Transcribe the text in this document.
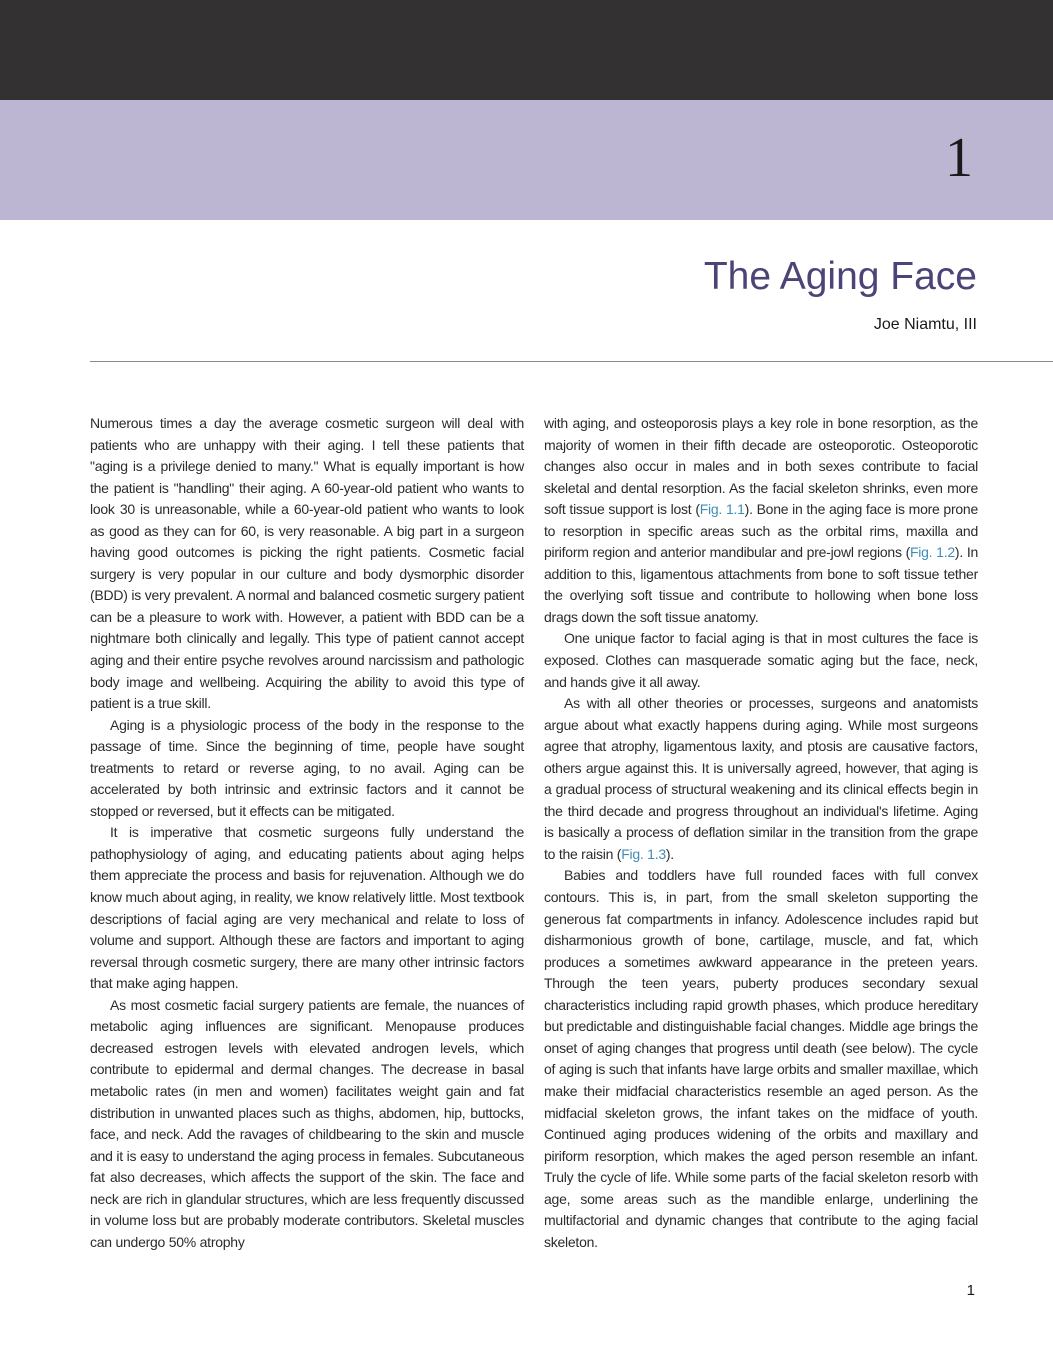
1
The Aging Face
Joe Niamtu, III

Numerous times a day the average cosmetic surgeon will deal with patients who are unhappy with their aging. I tell these patients that "aging is a privilege denied to many." What is equally important is how the patient is "handling" their aging. A 60-year-old patient who wants to look 30 is unreasonable, while a 60-year-old patient who wants to look as good as they can for 60, is very reasonable. A big part in a surgeon having good outcomes is picking the right patients. Cosmetic facial surgery is very popular in our culture and body dysmorphic disorder (BDD) is very prevalent. A normal and balanced cosmetic surgery patient can be a pleasure to work with. However, a patient with BDD can be a nightmare both clinically and legally. This type of patient cannot accept aging and their entire psyche revolves around narcissism and pathologic body image and wellbeing. Acquiring the ability to avoid this type of patient is a true skill.

Aging is a physiologic process of the body in the response to the passage of time. Since the beginning of time, people have sought treatments to retard or reverse aging, to no avail. Aging can be accelerated by both intrinsic and extrinsic factors and it cannot be stopped or reversed, but it effects can be mitigated.

It is imperative that cosmetic surgeons fully understand the pathophysiology of aging, and educating patients about aging helps them appreciate the process and basis for rejuvenation. Although we do know much about aging, in reality, we know relatively little. Most textbook descriptions of facial aging are very mechanical and relate to loss of volume and support. Although these are factors and important to aging reversal through cosmetic surgery, there are many other intrinsic factors that make aging happen.

As most cosmetic facial surgery patients are female, the nuances of metabolic aging influences are significant. Menopause produces decreased estrogen levels with elevated androgen levels, which contribute to epidermal and dermal changes. The decrease in basal metabolic rates (in men and women) facilitates weight gain and fat distribution in unwanted places such as thighs, abdomen, hip, buttocks, face, and neck. Add the ravages of childbearing to the skin and muscle and it is easy to understand the aging process in females. Subcutaneous fat also decreases, which affects the support of the skin. The face and neck are rich in glandular structures, which are less frequently discussed in volume loss but are probably moderate contributors. Skeletal muscles can undergo 50% atrophy

with aging, and osteoporosis plays a key role in bone resorption, as the majority of women in their fifth decade are osteoporotic. Osteoporotic changes also occur in males and in both sexes contribute to facial skeletal and dental resorption. As the facial skeleton shrinks, even more soft tissue support is lost (Fig. 1.1). Bone in the aging face is more prone to resorption in specific areas such as the orbital rims, maxilla and piriform region and anterior mandibular and pre-jowl regions (Fig. 1.2). In addition to this, ligamentous attachments from bone to soft tissue tether the overlying soft tissue and contribute to hollowing when bone loss drags down the soft tissue anatomy.

One unique factor to facial aging is that in most cultures the face is exposed. Clothes can masquerade somatic aging but the face, neck, and hands give it all away.

As with all other theories or processes, surgeons and anatomists argue about what exactly happens during aging. While most surgeons agree that atrophy, ligamentous laxity, and ptosis are causative factors, others argue against this. It is universally agreed, however, that aging is a gradual process of structural weakening and its clinical effects begin in the third decade and progress throughout an individual's lifetime. Aging is basically a process of deflation similar in the transition from the grape to the raisin (Fig. 1.3).

Babies and toddlers have full rounded faces with full convex contours. This is, in part, from the small skeleton supporting the generous fat compartments in infancy. Adolescence includes rapid but disharmonious growth of bone, cartilage, muscle, and fat, which produces a sometimes awkward appearance in the preteen years. Through the teen years, puberty produces secondary sexual characteristics including rapid growth phases, which produce hereditary but predictable and distinguishable facial changes. Middle age brings the onset of aging changes that progress until death (see below). The cycle of aging is such that infants have large orbits and smaller maxillae, which make their midfacial characteristics resemble an aged person. As the midfacial skeleton grows, the infant takes on the midface of youth. Continued aging produces widening of the orbits and maxillary and piriform resorption, which makes the aged person resemble an infant. Truly the cycle of life. While some parts of the facial skeleton resorb with age, some areas such as the mandible enlarge, underlining the multifactorial and dynamic changes that contribute to the aging facial skeleton.

1
